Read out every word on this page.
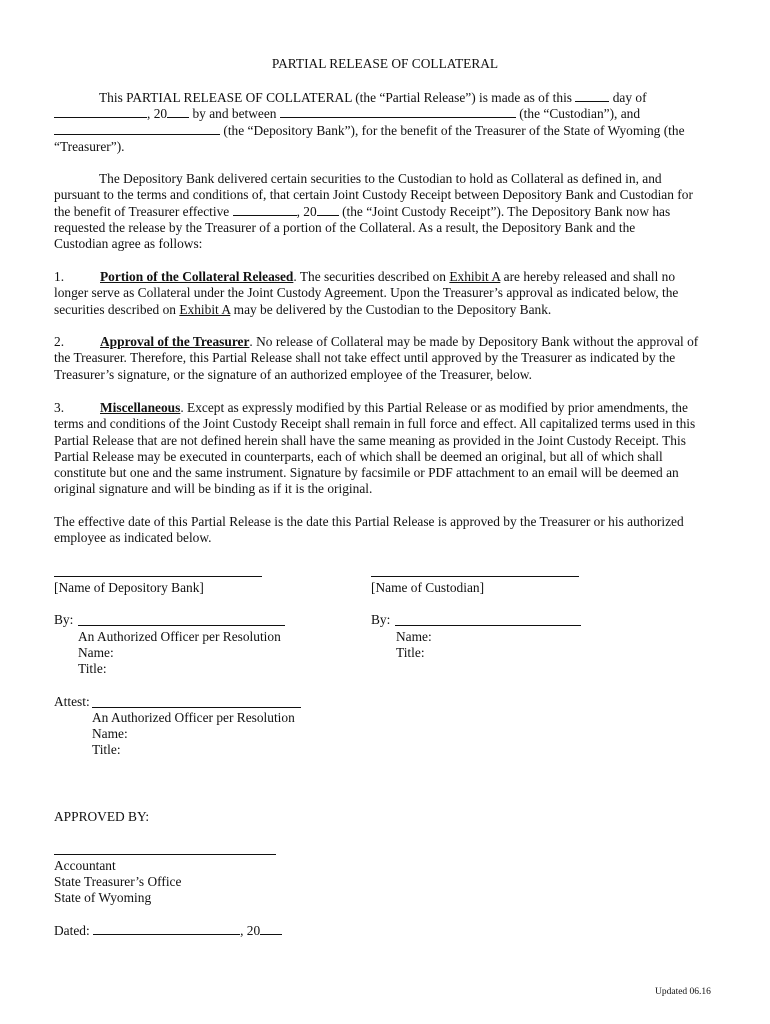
PARTIAL RELEASE OF COLLATERAL

This PARTIAL RELEASE OF COLLATERAL (the “Partial Release”) is made as of this	day of

, 20 by and between	(the “Custodian”), and

(the “Depository Bank”), for the benefit of the Treasurer of the State of Wyoming (the

“Treasurer”).

The Depository Bank delivered certain securities to the Custodian to hold as Collateral as defined in, and

pursuant to the terms and conditions of, that certain Joint Custody Receipt between Depository Bank and Custodian for

the benefit of Treasurer effective	, 20 (the “Joint Custody Receipt”). The Depository Bank now has

requested the release by the Treasurer of a portion of the Collateral. As a result, the Depository Bank and the

Custodian agree as follows:

1.	Portion of the Collateral Released. The securities described on Exhibit A are hereby released and shall no

longer serve as Collateral under the Joint Custody Agreement. Upon the Treasurer’s approval as indicated below, the

securities described on Exhibit A may be delivered by the Custodian to the Depository Bank.

2.	Approval of the Treasurer. No release of Collateral may be made by Depository Bank without the approval of

the Treasurer. Therefore, this Partial Release shall not take effect until approved by the Treasurer as indicated by the

Treasurer’s signature, or the signature of an authorized employee of the Treasurer, below.

3.	Miscellaneous. Except as expressly modified by this Partial Release or as modified by prior amendments, the

terms and conditions of the Joint Custody Receipt shall remain in full force and effect. All capitalized terms used in this

Partial Release that are not defined herein shall have the same meaning as provided in the Joint Custody Receipt. This

Partial Release may be executed in counterparts, each of which shall be deemed an original, but all of which shall

constitute but one and the same instrument. Signature by facsimile or PDF attachment to an email will be deemed an

original signature and will be binding as if it is the original.

The effective date of this Partial Release is the date this Partial Release is approved by the Treasurer or his authorized

employee as indicated below.

[Name of Depository Bank]
By:
An Authorized Officer per Resolution
Name:
Title:
[Name of Custodian]
By:
Name:
Title:
Attest:
An Authorized Officer per Resolution
Name:
Title:
APPROVED BY:
Accountant
State Treasurer’s Office
State of Wyoming
Dated:	, 20
Updated 06.16
